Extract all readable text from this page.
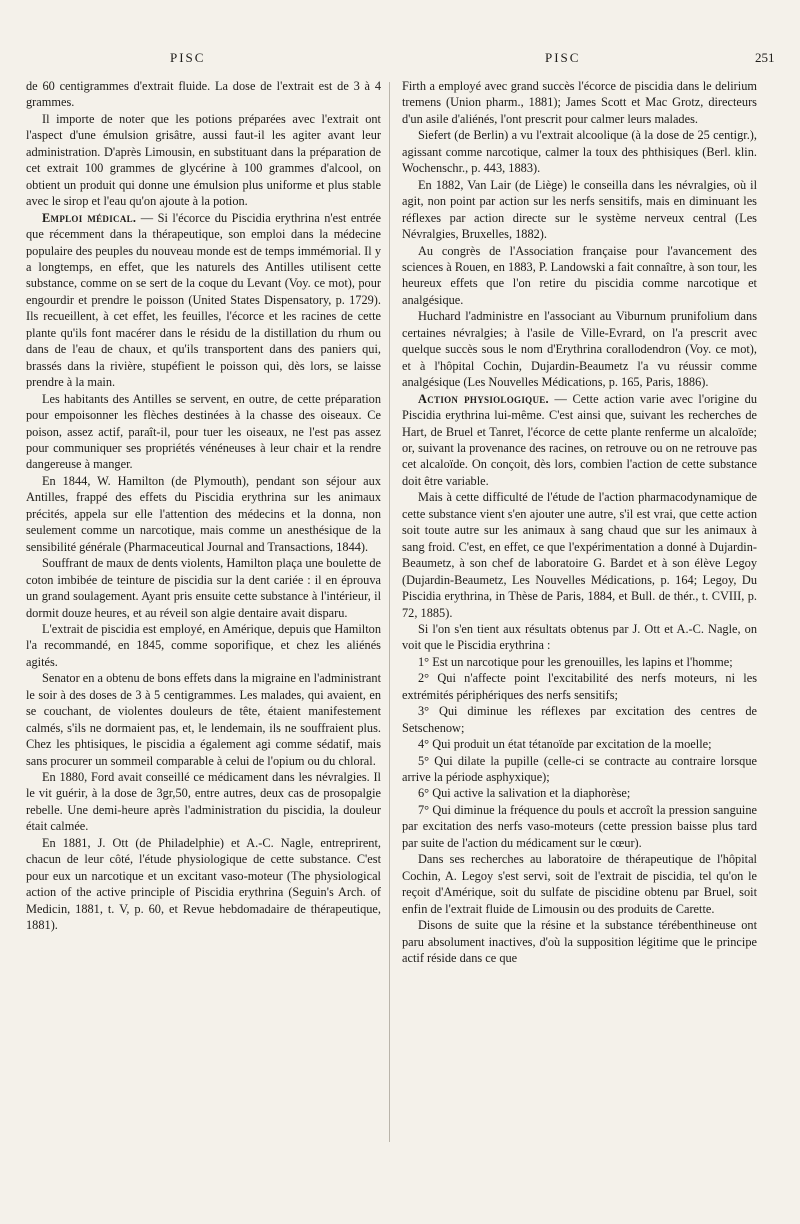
PISC	PISC	251

de 60 centigrammes d'extrait fluide. La dose de l'extrait est de 3 à 4 grammes.

Il importe de noter que les potions préparées avec l'extrait ont l'aspect d'une émulsion grisâtre, aussi faut-il les agiter avant leur administration. D'après Limousin, en substituant dans la préparation de cet extrait 100 grammes de glycérine à 100 grammes d'alcool, on obtient un produit qui donne une émulsion plus uniforme et plus stable avec le sirop et l'eau qu'on ajoute à la potion.

Emploi médical. — Si l'écorce du Piscidia erythrina n'est entrée que récemment dans la thérapeutique, son emploi dans la médecine populaire des peuples du nouveau monde est de temps immémorial. Il y a longtemps, en effet, que les naturels des Antilles utilisent cette substance, comme on se sert de la coque du Levant (Voy. ce mot), pour engourdir et prendre le poisson (United States Dispensatory, p. 1729). Ils recueillent, à cet effet, les feuilles, l'écorce et les racines de cette plante qu'ils font macérer dans le résidu de la distillation du rhum ou dans de l'eau de chaux, et qu'ils transportent dans des paniers qui, brassés dans la rivière, stupéfient le poisson qui, dès lors, se laisse prendre à la main.

Les habitants des Antilles se servent, en outre, de cette préparation pour empoisonner les flèches destinées à la chasse des oiseaux. Ce poison, assez actif, paraît-il, pour tuer les oiseaux, ne l'est pas assez pour communiquer ses propriétés vénéneuses à leur chair et la rendre dangereuse à manger.

En 1844, W. Hamilton (de Plymouth), pendant son séjour aux Antilles, frappé des effets du Piscidia erythrina sur les animaux précités, appela sur elle l'attention des médecins et la donna, non seulement comme un narcotique, mais comme un anesthésique de la sensibilité générale (Pharmaceutical Journal and Transactions, 1844).

Souffrant de maux de dents violents, Hamilton plaça une boulette de coton imbibée de teinture de piscidia sur la dent cariée : il en éprouva un grand soulagement. Ayant pris ensuite cette substance à l'intérieur, il dormit douze heures, et au réveil son algie dentaire avait disparu.

L'extrait de piscidia est employé, en Amérique, depuis que Hamilton l'a recommandé, en 1845, comme soporifique, et chez les aliénés agités.

Senator en a obtenu de bons effets dans la migraine en l'administrant le soir à des doses de 3 à 5 centigrammes. Les malades, qui avaient, en se couchant, de violentes douleurs de tête, étaient manifestement calmés, s'ils ne dormaient pas, et, le lendemain, ils ne souffraient plus. Chez les phtisiques, le piscidia a également agi comme sédatif, mais sans procurer un sommeil comparable à celui de l'opium ou du chloral.

En 1880, Ford avait conseillé ce médicament dans les névralgies. Il le vit guérir, à la dose de 3gr,50, entre autres, deux cas de prosopalgie rebelle. Une demi-heure après l'administration du piscidia, la douleur était calmée.

En 1881, J. Ott (de Philadelphie) et A.-C. Nagle, entreprirent, chacun de leur côté, l'étude physiologique de cette substance. C'est pour eux un narcotique et un excitant vaso-moteur (The physiological action of the active principle of Piscidia erythrina (Seguin's Arch. of Medicin, 1881, t. V, p. 60, et Revue hebdomadaire de thérapeutique, 1881).

Firth a employé avec grand succès l'écorce de piscidia dans le delirium tremens (Union pharm., 1881); James Scott et Mac Grotz, directeurs d'un asile d'aliénés, l'ont prescrit pour calmer leurs malades.

Siefert (de Berlin) a vu l'extrait alcoolique (à la dose de 25 centigr.), agissant comme narcotique, calmer la toux des phthisiques (Berl. klin. Wochenschr., p. 443, 1883).

En 1882, Van Lair (de Liège) le conseilla dans les névralgies, où il agit, non point par action sur les nerfs sensitifs, mais en diminuant les réflexes par action directe sur le système nerveux central (Les Névralgies, Bruxelles, 1882).

Au congrès de l'Association française pour l'avancement des sciences à Rouen, en 1883, P. Landowski a fait connaître, à son tour, les heureux effets que l'on retire du piscidia comme narcotique et analgésique.

Huchard l'administre en l'associant au Viburnum prunifolium dans certaines névralgies; à l'asile de Ville-Evrard, on l'a prescrit avec quelque succès sous le nom d'Erythrina corallodendron (Voy. ce mot), et à l'hôpital Cochin, Dujardin-Beaumetz l'a vu réussir comme analgésique (Les Nouvelles Médications, p. 165, Paris, 1886).

Action physiologique. — Cette action varie avec l'origine du Piscidia erythrina lui-même. C'est ainsi que, suivant les recherches de Hart, de Bruel et Tanret, l'écorce de cette plante renferme un alcaloïde; or, suivant la provenance des racines, on retrouve ou on ne retrouve pas cet alcaloïde. On conçoit, dès lors, combien l'action de cette substance doit être variable.

Mais à cette difficulté de l'étude de l'action pharmacodynamique de cette substance vient s'en ajouter une autre, s'il est vrai, que cette action soit toute autre sur les animaux à sang chaud que sur les animaux à sang froid. C'est, en effet, ce que l'expérimentation a donné à Dujardin-Beaumetz, à son chef de laboratoire G. Bardet et à son élève Legoy (Dujardin-Beaumetz, Les Nouvelles Médications, p. 164; Legoy, Du Piscidia erythrina, in Thèse de Paris, 1884, et Bull. de thér., t. CVIII, p. 72, 1885).

Si l'on s'en tient aux résultats obtenus par J. Ott et A.-C. Nagle, on voit que le Piscidia erythrina :

1° Est un narcotique pour les grenouilles, les lapins et l'homme;

2° Qui n'affecte point l'excitabilité des nerfs moteurs, ni les extrémités périphériques des nerfs sensitifs;

3° Qui diminue les réflexes par excitation des centres de Setschenow;

4° Qui produit un état tétanoïde par excitation de la moelle;

5° Qui dilate la pupille (celle-ci se contracte au contraire lorsque arrive la période asphyxique);

6° Qui active la salivation et la diaphorèse;

7° Qui diminue la fréquence du pouls et accroît la pression sanguine par excitation des nerfs vaso-moteurs (cette pression baisse plus tard par suite de l'action du médicament sur le cœur).

Dans ses recherches au laboratoire de thérapeutique de l'hôpital Cochin, A. Legoy s'est servi, soit de l'extrait de piscidia, tel qu'on le reçoit d'Amérique, soit du sulfate de piscidine obtenu par Bruel, soit enfin de l'extrait fluide de Limousin ou des produits de Carette.

Disons de suite que la résine et la substance térébenthineuse ont paru absolument inactives, d'où la supposition légitime que le principe actif réside dans ce que
